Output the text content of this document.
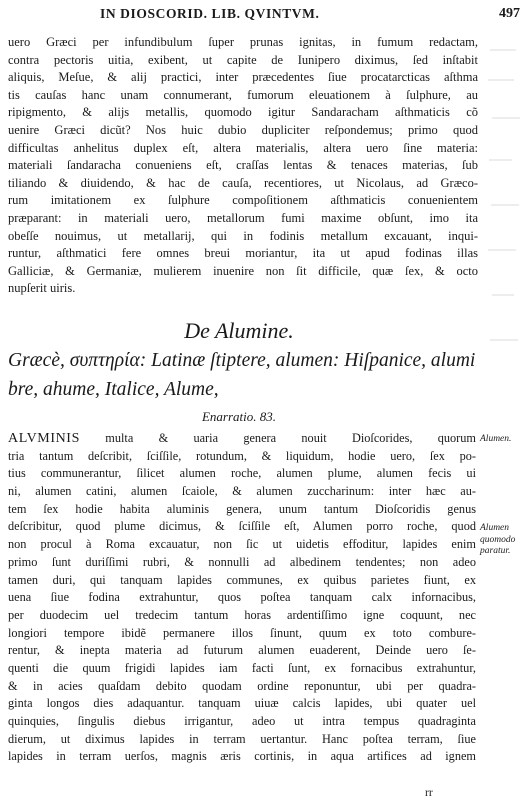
IN DIOSCORID. LIB. QVINTVM.	497
uero Græci per infundibulum ſuper prunas ignitas, in fumum redactam,
contra pectoris uitia, exibent, ut capite de Iunipero diximus, ſed inſtabit
aliquis, Meſue, & alij practici, inter præcedentes ſiue procatarcticas aſthma
tis cauſas hanc unam connumerant, fumorum eleuationem à ſulphure, au
ripigmento, & alijs metallis, quomodo igitur Sandaracham aſthmaticis cõ
uenire Græci dicũt? Nos huic dubio dupliciter reſpondemus; primo quod
difficultas anhelitus duplex eſt, altera materialis, altera uero ſine materia:
materiali ſandaracha conueniens eſt, craſſas lentas & tenaces materias, ſub
tiliando & diuidendo, & hac de cauſa, recentiores, ut Nicolaus, ad Græco-
rum imitationem ex ſulphure compoſitionem aſthmaticis conuenientem
præparant: in materiali uero, metallorum fumi maxime obſunt, imo ita
obeſſe nouimus, ut metallarij, qui in fodinis metallum excauant, inqui-
runtur, aſthmatici fere omnes breui moriantur, ita ut apud fodinas illas
Galliciæ, & Germaniæ, mulierem inuenire non ſit difficile, quæ ſex, & octo
nupſerit uiris.
De Alumine.
Græcè, συπτηρία: Latinæ ſtiptere, alumen: Hiſpanice, alumi
bre, ahume, Italice, Alume,
Enarratio. 83.
ALVMINIS multa & uaria genera nouit Dioſcorides, quorum
tria tantum deſcribit, ſciſſile, rotundum, & liquidum, hodie uero, ſex po-
tius communerantur, ſilicet alumen roche, alumen plume, alumen fecis ui
ni, alumen catini, alumen ſcaiole, & alumen zuccharinum: inter hæc au-
tem ſex hodie habita aluminis genera, unum tantum Dioſcoridis genus
deſcribitur, quod plume dicimus, & ſciſſile eſt, Alumen porro roche, quod
non procul à Roma excauatur, non ſic ut uidetis effoditur, lapides enim
primo ſunt duriſſimi rubri, & nonnulli ad albedinem tendentes; non adeo
tamen duri, qui tanquam lapides communes, ex quibus parietes fiunt, ex
uena ſiue fodina extrahuntur, quos poſtea tanquam calx infornacibus,
per duodecim uel tredecim tantum horas ardentiſſimo igne coquunt, nec
longiori tempore ibidẽ permanere illos ſinunt, quum ex toto combure-
rentur, & inepta materia ad futurum alumen euaderent, Deinde uero ſe-
quenti die quum frigidi lapides iam facti ſunt, ex fornacibus extrahuntur,
& in acies quaſdam debito quodam ordine reponuntur, ubi per quadra-
ginta longos dies adaquantur. tanquam uiuæ calcis lapides, ubi quater uel
quinquies, ſingulis diebus irrigantur, adeo ut intra tempus quadraginta
dierum, ut diximus lapides in terram uertantur. Hanc poſtea terram, ſiue
lapides in terram uerſos, magnis æris cortinis, in aqua artifices ad ignem
Alumen.
Alumen
quomodo
paratur.
rr
